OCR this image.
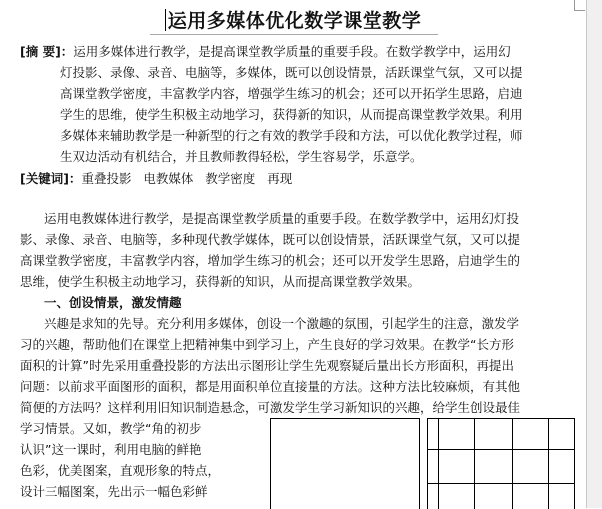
运用多媒体优化数学课堂教学
[摘 要]：运用多媒体进行教学，是提高课堂教学质量的重要手段。在数学教学中，运用幻
灯投影、录像、录音、电脑等，多媒体，既可以创设情景，活跃课堂气氛，又可以提
高课堂教学密度，丰富教学内容，增强学生练习的机会；还可以开拓学生思路，启迪
学生的思维，使学生积极主动地学习，获得新的知识，从而提高课堂教学效果。利用
多媒体来辅助教学是一种新型的行之有效的教学手段和方法，可以优化教学过程，师
生双边活动有机结合，并且教师教得轻松，学生容易学，乐意学。
[关键词]：重叠投影   电教媒体   教学密度   再现
运用电教媒体进行教学，是提高课堂教学质量的重要手段。在数学教学中，运用幻灯投
影、录像、录音、电脑等，多种现代教学媒体，既可以创设情景，活跃课堂气氛，又可以提
高课堂教学密度，丰富教学内容，增加学生练习的机会；还可以开发学生思路，启迪学生的
思维，使学生积极主动地学习，获得新的知识，从而提高课堂教学效果。
一、创设情景，激发情趣
兴趣是求知的先导。充分利用多媒体，创设一个激趣的氛围，引起学生的注意，激发学
习的兴趣，帮助他们在课堂上把精神集中到学习上，产生良好的学习效果。在教学“长方形
面积的计算”时先采用重叠投影的方法出示图形让学生先观察疑后量出长方形面积，再提出
问题：以前求平面图形的面积，都是用面积单位直接量的方法。这种方法比较麻烦，有其他
简便的方法吗？这样利用旧知识制造悬念，可激发学生学习新知识的兴趣，给学生创设最佳
学习情景。又如，教学“角的初步
认识”这一课时，利用电脑的鲜艳
色彩，优美图案，直观形象的特点，
设计三幅图案，先出示一幅色彩鲜
